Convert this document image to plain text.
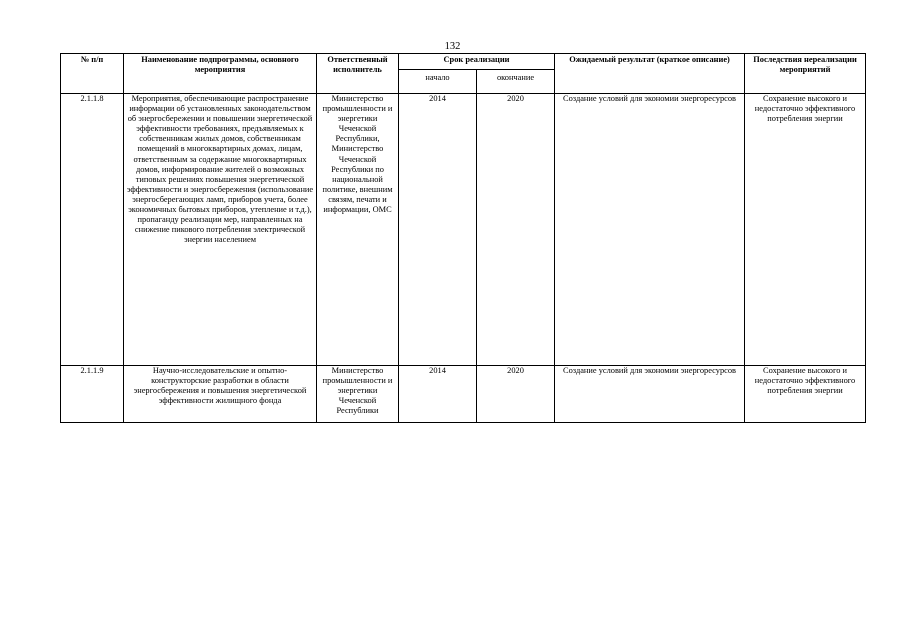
132
№ п/п	Наименование подпрограммы, основного мероприятия	Ответственный исполнитель	Срок реализации		Ожидаемый результат (краткое описание)	Последствия нереализации мероприятий
			начало	окончание		
2.1.1.8	Мероприятия, обеспечивающие распространение информации об установленных законодательством об энергосбережении и повышении энергетической эффективности требованиях, предъявляемых к собственникам жилых домов, собственникам помещений в многоквартирных домах, лицам, ответственным за содержание многоквартирных домов, информирование жителей о возможных типовых решениях повышения энергетической эффективности и энергосбережения (использование энергосберегающих ламп, приборов учета, более экономичных бытовых приборов, утепление и т.д.), пропаганду реализации мер, направленных на снижение пикового потребления электрической энергии населением	Министерство промышленности и энергетики Чеченской Республики, Министерство Чеченской Республики по национальной политике, внешним связям, печати и информации, ОМС	2014	2020	Создание условий для экономии энергоресурсов	Сохранение высокого и недостаточно эффективного потребления энергии
2.1.1.9	Научно-исследовательские и опытно-конструкторские разработки в области энергосбережения и повышения энергетической эффективности жилищного фонда	Министерство промышленности и энергетики Чеченской Республики	2014	2020	Создание условий для экономии энергоресурсов	Сохранение высокого и недостаточно эффективного потребления энергии
